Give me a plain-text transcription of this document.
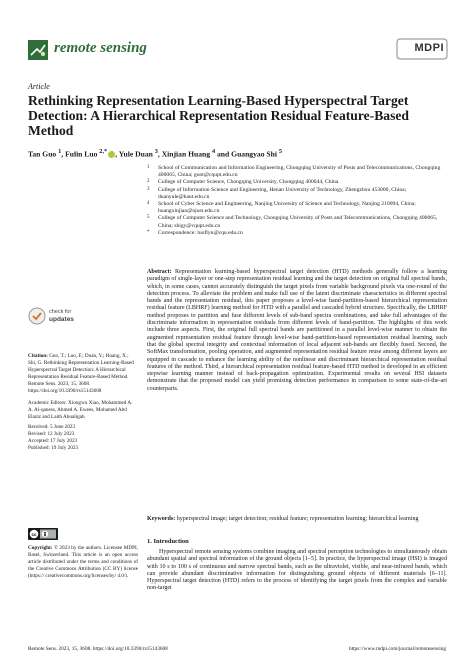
remote sensing	MDPI
Article
Rethinking Representation Learning-Based Hyperspectral Target Detection: A Hierarchical Representation Residual Feature-Based Method
Tan Guo $^1$, Fulin Luo $^{2,*}$ , Yule Duan $^3$, Xinjian Huang $^4$ and Guangyao Shi $^5$
1 School of Communication and Information Engineering, Chongqing University of Posts and Telecommunications, Chongqing 400065, China; guot@cqupt.edu.cn
2 College of Computer Science, Chongqing University, Chongqing 400044, China
3 College of Information Science and Engineering, Henan University of Technology, Zhengzhou 453000, China; duanyule@haut.edu.cn
4 School of Cyber Science and Engineering, Nanjing University of Science and Technology, Nanjing 210094, China; huangxinjian@njust.edu.cn
5 College of Computer Science and Technology, Chongqing University of Posts and Telecommunications, Chongqing 400065, China; shigy@cqupt.edu.cn
* Correspondence: luoflyn@cqu.edu.cn
Abstract: Representation learning-based hyperspectral target detection (HTD) methods generally follow a learning paradigm of single-layer or one-step representation residual learning and the target detection on original full spectral bands, which, in some cases, cannot accurately distinguish the target pixels from variable background pixels via one-round of the detection process. To alleviate the problem and make full use of the latent discriminate characteristics in different spectral bands and the representation residual, this paper proposes a level-wise band-partition-based hierarchical representation residual feature (LBHRF) learning method for HTD with a parallel and cascaded hybrid structure. Specifically, the LBHRF method proposes to partition and fuse different levels of sub-band spectra combinations, and take full advantages of the discriminate information in representation residuals from different levels of band-partition. The highlights of this work include three aspects. First, the original full spectral bands are partitioned in a parallel level-wise manner to obtain the augmented representation residual feature through level-wise band-partition-based representation residual learning, such that the global spectral integrity and contextual information of local adjacent sub-bands are flexibly fused. Second, the SoftMax transformation, pooling operation, and augmented representation residual feature reuse among different layers are equipped in cascade to enhance the learning ability of the nonlinear and discriminant hierarchical representation residual features of the method. Third, a hierarchical representation residual feature-based HTD method is developed in an efficient stepwise learning manner instead of back-propagation optimization. Experimental results on several HSI datasets demonstrate that the proposed model can yield promising detection performance in comparison to some state-of-the-art counterparts.
Keywords: hyperspectral image; target detection; residual feature; representation learning; hierarchical learning
1. Introduction
Hyperspectral remote sensing systems combine imaging and spectral perception technologies to simultaneously obtain abundant spatial and spectral information of the ground objects [1–5]. In practice, the hyperspectral image (HSI) is imaged with 10 s to 100 s of continuous and narrow spectral bands, such as the ultraviolet, visible, and near-infrared bands, which can provide abundant discriminative information for distinguishing ground objects of different materials [6–11]. Hyperspectral target detection (HTD) refers to the process of identifying the target pixels from the complex and variable non-target
check for
updates
Citation: Guo, T.; Luo, F.; Duan, Y.; Huang, X.; Shi, G. Rethinking Representation Learning-Based Hyperspectral Target Detection: A Hierarchical Representation Residual Feature-Based Method. Remote Sens. 2023, 15, 3608. https://doi.org/10.3390/rs15143608
Academic Editors: Xiongwu Xiao, Mohammed A. A. Al-qaness, Ahmed A. Ewees, Mohamed Abd Elaziz and Laith Abualigah
Received: 5 June 2023
Revised: 12 July 2023
Accepted: 17 July 2023
Published: 19 July 2023
cc
Copyright: © 2023 by the authors. Licensee MDPI, Basel, Switzerland. This article is an open access article distributed under the terms and conditions of the Creative Commons Attribution (CC BY) license (https:// creativecommons.org/licenses/by/ 4.0/).
Remote Sens. 2023, 15, 3608. https://doi.org/10.3390/rs15143608	https://www.mdpi.com/journal/remotesensing
